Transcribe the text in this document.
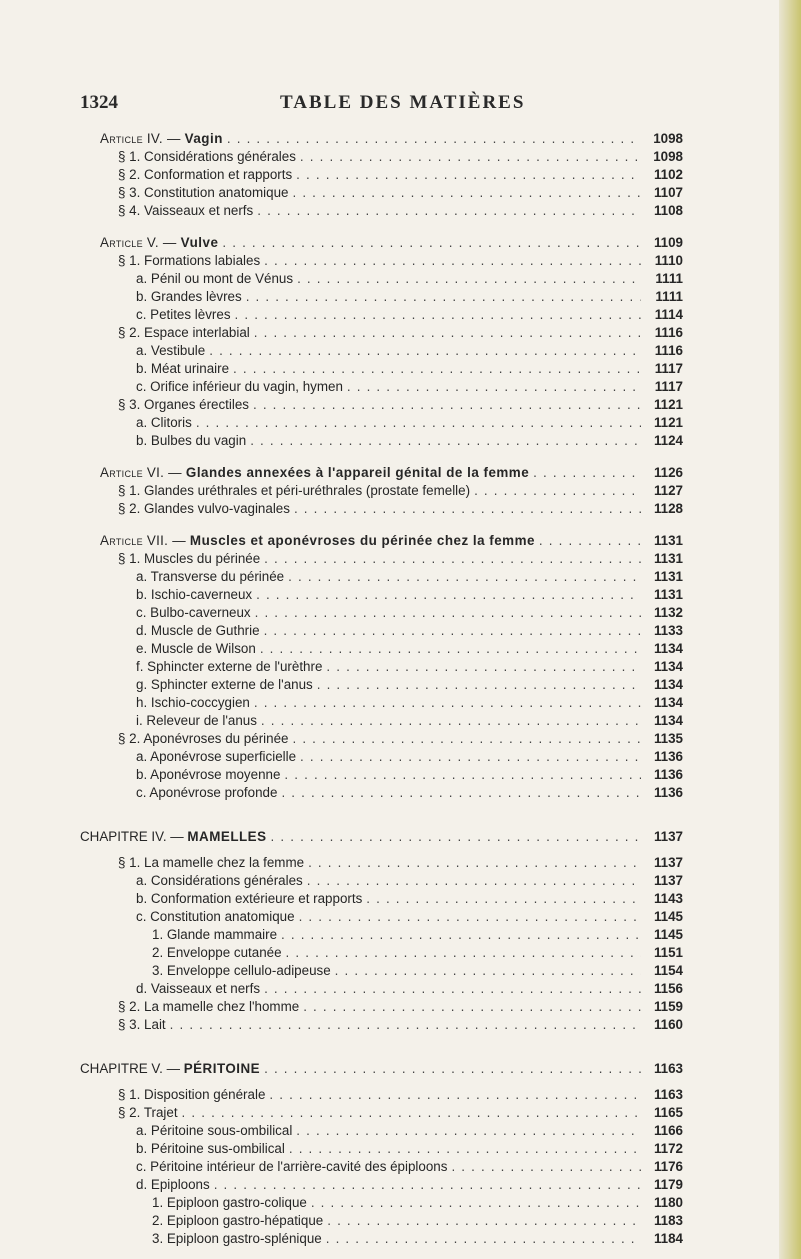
1324	TABLE DES MATIÈRES
Article IV. — Vagin . . .	1098
§ 1. Considérations générales . . .	1098
§ 2. Conformation et rapports . . .	1102
§ 3. Constitution anatomique . . .	1107
§ 4. Vaisseaux et nerfs . . .	1108
Article V. — Vulve . . .	1109
§ 1. Formations labiales . . .	1110
a. Pénil ou mont de Vénus . . .	1111
b. Grandes lèvres . . .	1111
c. Petites lèvres . . .	1114
§ 2. Espace interlabial . . .	1116
a. Vestibule . . .	1116
b. Méat urinaire . . .	1117
c. Orifice inférieur du vagin, hymen . . .	1117
§ 3. Organes érectiles . . .	1121
a. Clitoris . . .	1121
b. Bulbes du vagin . . .	1124
Article VI. — Glandes annexées à l'appareil génital de la femme . . .	1126
§ 1. Glandes uréthrales et péri-uréthrales (prostate femelle) . . .	1127
§ 2. Glandes vulvo-vaginales . . .	1128
Article VII. — Muscles et aponévroses du périnée chez la femme . . .	1131
§ 1. Muscles du périnée . . .	1131
a. Transverse du périnée . . .	1131
b. Ischio-caverneux . . .	1131
c. Bulbo-caverneux . . .	1132
d. Muscle de Guthrie . . .	1133
e. Muscle de Wilson . . .	1134
f. Sphincter externe de l'urèthre . . .	1134
g. Sphincter externe de l'anus . . .	1134
h. Ischio-coccygien . . .	1134
i. Releveur de l'anus . . .	1134
§ 2. Aponévroses du périnée . . .	1135
a. Aponévrose superficielle . . .	1136
b. Aponévrose moyenne . . .	1136
c. Aponévrose profonde . . .	1136
CHAPITRE IV. — MAMELLES . . .	1137
§ 1. La mamelle chez la femme . . .	1137
a. Considérations générales . . .	1137
b. Conformation extérieure et rapports . . .	1143
c. Constitution anatomique . . .	1145
1. Glande mammaire . . .	1145
2. Enveloppe cutanée . . .	1151
3. Enveloppe cellulo-adipeuse . . .	1154
d. Vaisseaux et nerfs . . .	1156
§ 2. La mamelle chez l'homme . . .	1159
§ 3. Lait . . .	1160
CHAPITRE V. — PÉRITOINE . . .	1163
§ 1. Disposition générale . . .	1163
§ 2. Trajet . . .	1165
a. Péritoine sous-ombilical . . .	1166
b. Péritoine sus-ombilical . . .	1172
c. Péritoine intérieur de l'arrière-cavité des épiploons . . .	1176
d. Epiploons . . .	1179
1. Epiploon gastro-colique . . .	1180
2. Epiploon gastro-hépatique . . .	1183
3. Epiploon gastro-splénique . . .	1184
